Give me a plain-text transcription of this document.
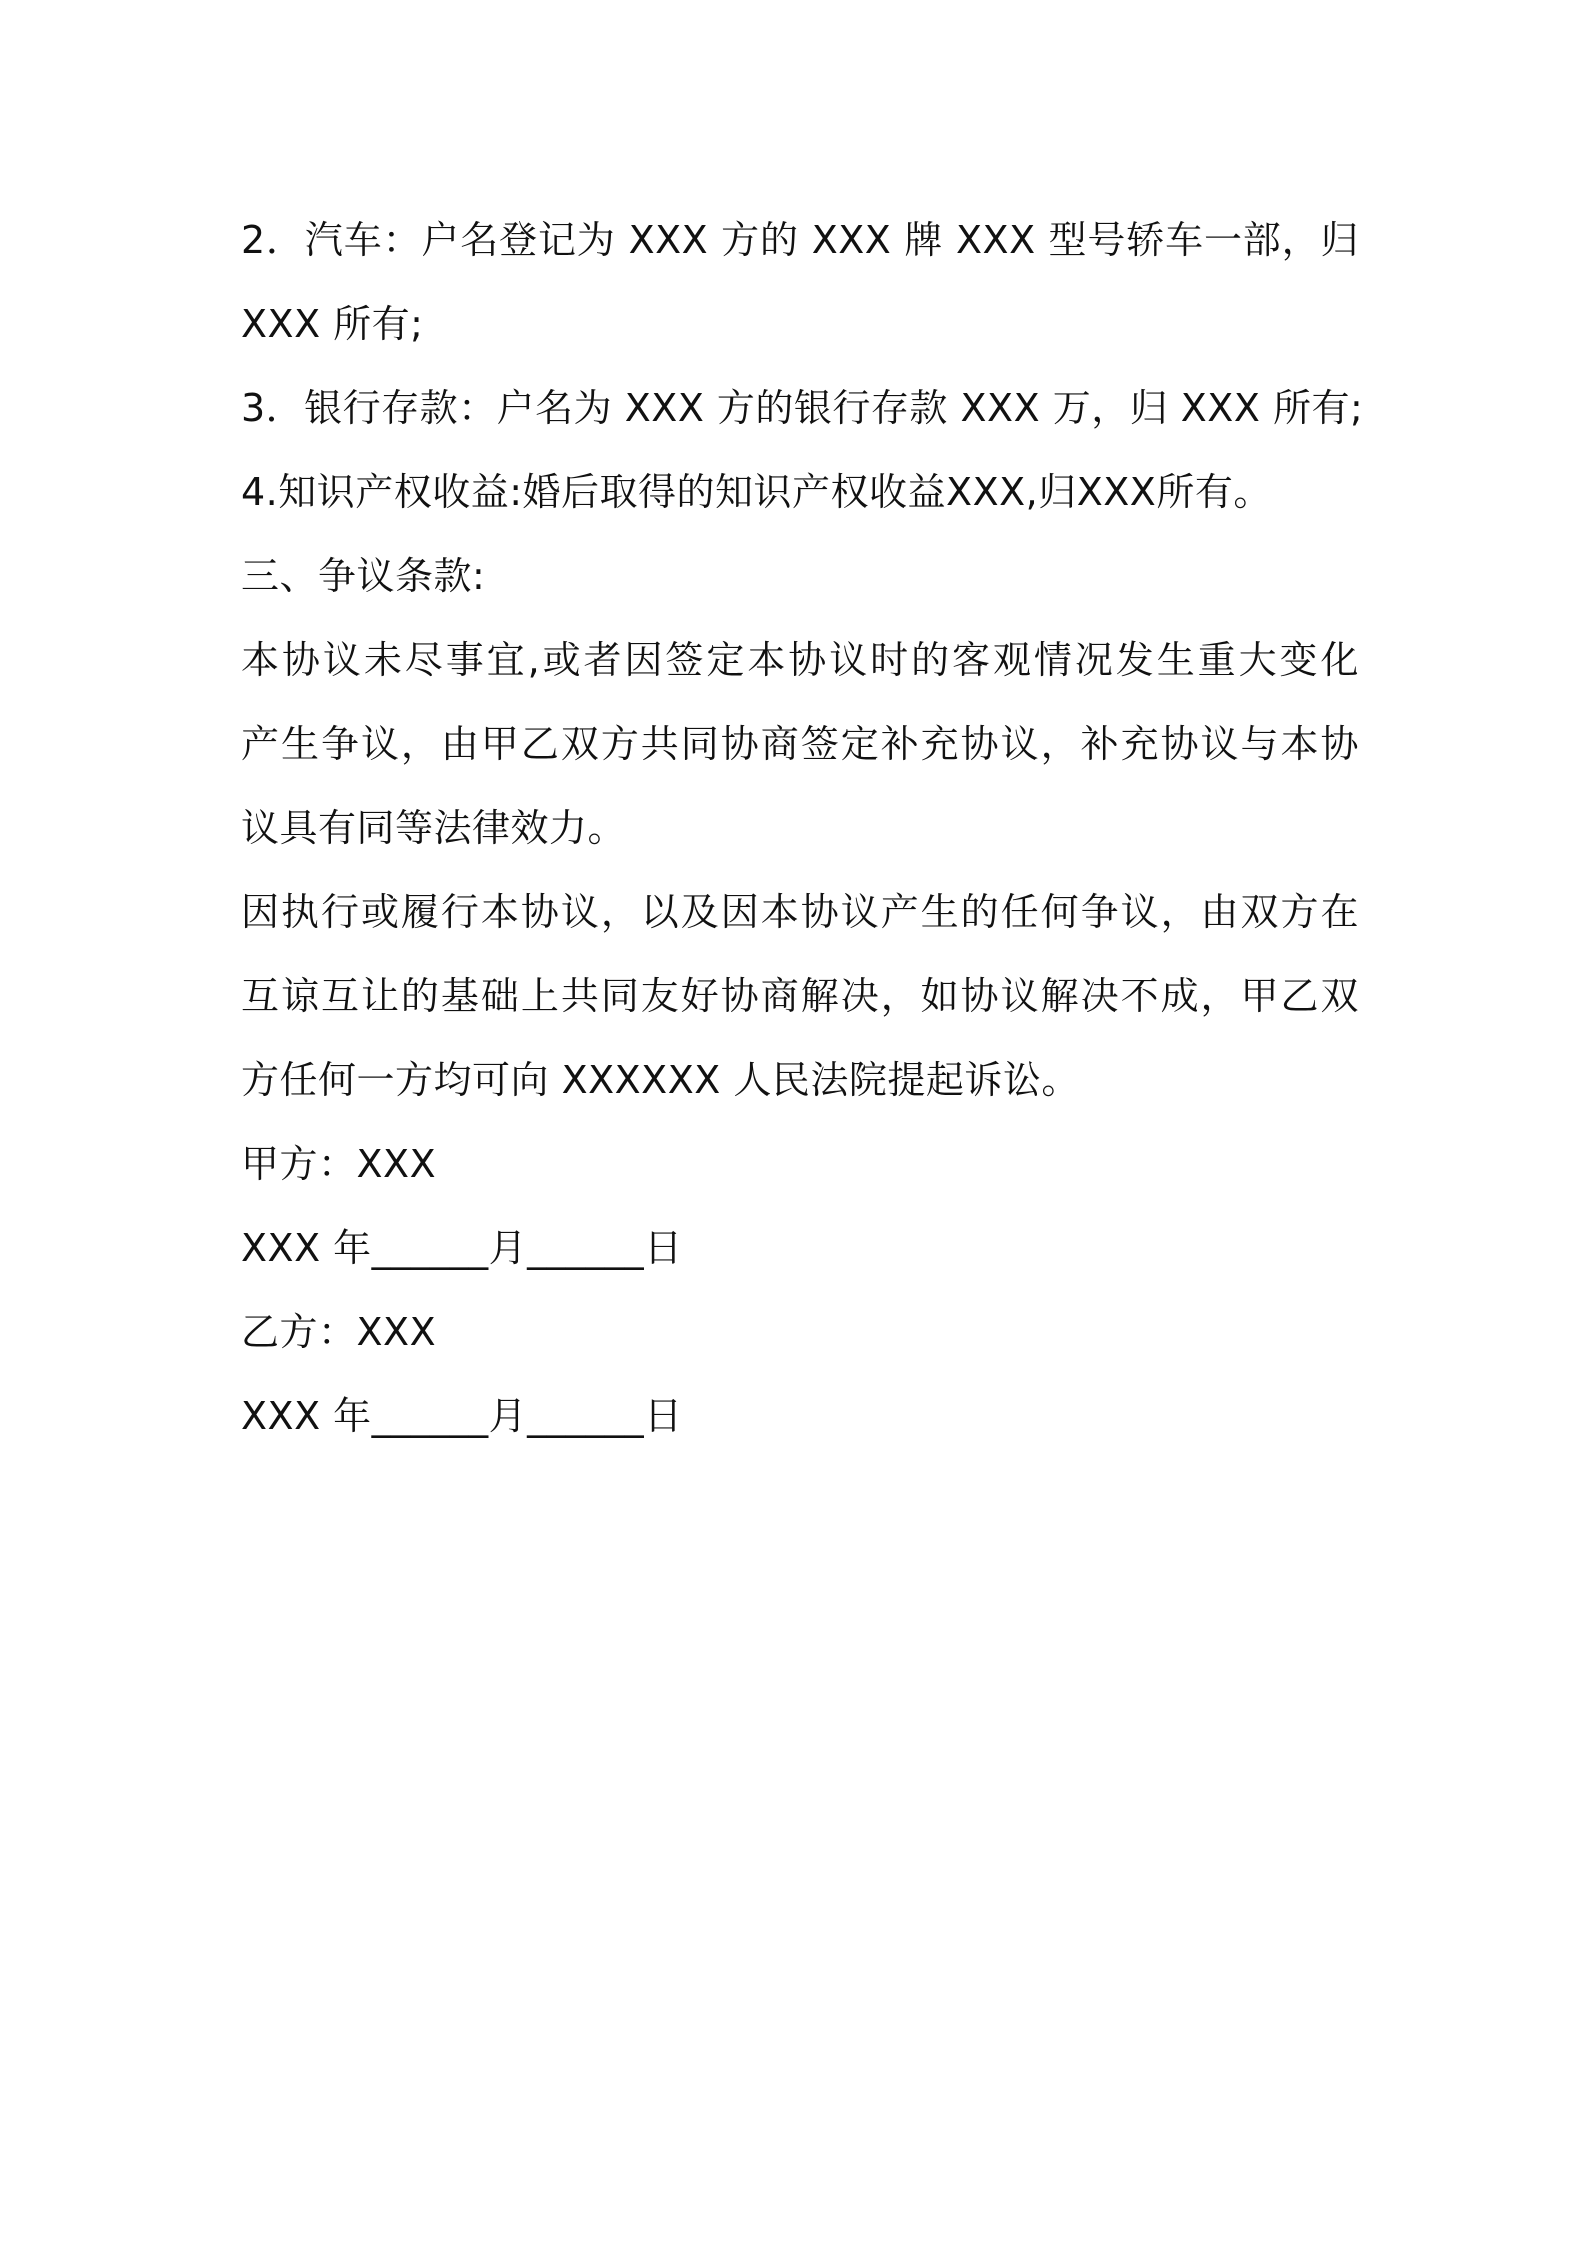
2．汽车：户名登记为 XXX 方的 XXX 牌 XXX 型号轿车一部，归
XXX 所有;
3．银行存款：户名为 XXX 方的银行存款 XXX 万，归 XXX 所有;
4.知识产权收益:婚后取得的知识产权收益XXX,归XXX所有。
三、争议条款:
本协议未尽事宜,或者因签定本协议时的客观情况发生重大变化
产生争议，由甲乙双方共同协商签定补充协议，补充协议与本协
议具有同等法律效力。
因执行或履行本协议，以及因本协议产生的任何争议，由双方在
互谅互让的基础上共同友好协商解决，如协议解决不成，甲乙双
方任何一方均可向 XXXXXX 人民法院提起诉讼。
甲方：XXX
XXX 年______月______日
乙方：XXX
XXX 年______月______日
